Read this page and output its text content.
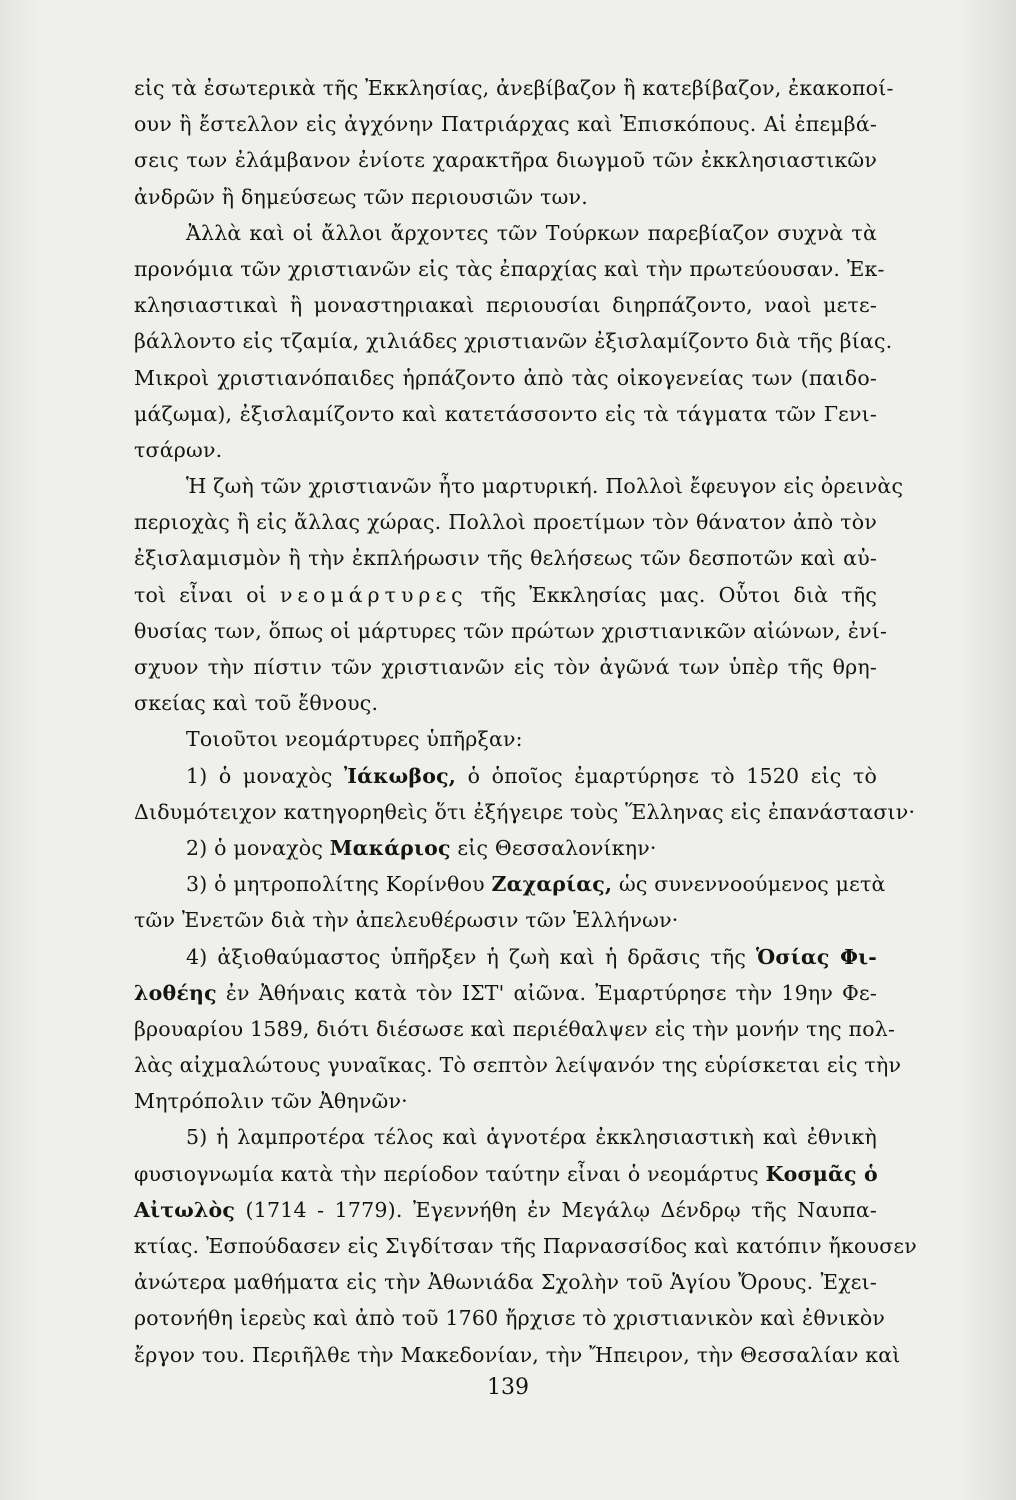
εἰς τὰ ἐσωτερικὰ τῆς Ἐκκλησίας, ἀνεβίβαζον ἢ κατεβίβαζον, ἐκακοποί-
ουν ἢ ἔστελλον εἰς ἀγχόνην Πατριάρχας καὶ Ἐπισκόπους. Αἱ ἐπεμβά-
σεις των ἐλάμβανον ἐνίοτε χαρακτῆρα διωγμοῦ τῶν ἐκκλησιαστικῶν
ἀνδρῶν ἢ δημεύσεως τῶν περιουσιῶν των.
Ἀλλὰ καὶ οἱ ἄλλοι ἄρχοντες τῶν Τούρκων παρεβίαζον συχνὰ τὰ
προνόμια τῶν χριστιανῶν εἰς τὰς ἐπαρχίας καὶ τὴν πρωτεύουσαν. Ἐκ-
κλησιαστικαὶ ἢ μοναστηριακαὶ περιουσίαι διηρπάζοντο, ναοὶ μετε-
βάλλοντο εἰς τζαμία, χιλιάδες χριστιανῶν ἐξισλαμίζοντο διὰ τῆς βίας.
Μικροὶ χριστιανόπαιδες ἡρπάζοντο ἀπὸ τὰς οἰκογενείας των (παιδο-
μάζωμα), ἐξισλαμίζοντο καὶ κατετάσσοντο εἰς τὰ τάγματα τῶν Γενι-
τσάρων.
Ἡ ζωὴ τῶν χριστιανῶν ἦτο μαρτυρική. Πολλοὶ ἔφευγον εἰς ὀρεινὰς
περιοχὰς ἢ εἰς ἄλλας χώρας. Πολλοὶ προετίμων τὸν θάνατον ἀπὸ τὸν
ἐξισλαμισμὸν ἢ τὴν ἐκπλήρωσιν τῆς θελήσεως τῶν δεσποτῶν καὶ αὐ-
τοὶ εἶναι οἱ νεομάρτυρες τῆς Ἐκκλησίας μας. Οὗτοι διὰ τῆς
θυσίας των, ὅπως οἱ μάρτυρες τῶν πρώτων χριστιανικῶν αἰώνων, ἐνί-
σχυον τὴν πίστιν τῶν χριστιανῶν εἰς τὸν ἀγῶνά των ὑπὲρ τῆς θρη-
σκείας καὶ τοῦ ἔθνους.
Τοιοῦτοι νεομάρτυρες ὑπῆρξαν:
1) ὁ μοναχὸς Ἰάκωβος, ὁ ὁποῖος ἐμαρτύρησε τὸ 1520 εἰς τὸ
Διδυμότειχον κατηγορηθεὶς ὅτι ἐξήγειρε τοὺς Ἕλληνας εἰς ἐπανάστασιν·
2) ὁ μοναχὸς Μακάριος εἰς Θεσσαλονίκην·
3) ὁ μητροπολίτης Κορίνθου Ζαχαρίας, ὡς συνεννοούμενος μετὰ
τῶν Ἐνετῶν διὰ τὴν ἀπελευθέρωσιν τῶν Ἑλλήνων·
4) ἀξιοθαύμαστος ὑπῆρξεν ἡ ζωὴ καὶ ἡ δρᾶσις τῆς Ὁσίας Φι-
λοθέης ἐν Ἀθήναις κατὰ τὸν ΙΣΤ' αἰῶνα. Ἐμαρτύρησε τὴν 19ην Φε-
βρουαρίου 1589, διότι διέσωσε καὶ περιέθαλψεν εἰς τὴν μονήν της πολ-
λὰς αἰχμαλώτους γυναῖκας. Τὸ σεπτὸν λείψανόν της εὑρίσκεται εἰς τὴν
Μητρόπολιν τῶν Ἀθηνῶν·
5) ἡ λαμπροτέρα τέλος καὶ ἁγνοτέρα ἐκκλησιαστικὴ καὶ ἐθνικὴ
φυσιογνωμία κατὰ τὴν περίοδον ταύτην εἶναι ὁ νεομάρτυς Κοσμᾶς ὁ
Αἰτωλὸς (1714 - 1779). Ἐγεννήθη ἐν Μεγάλῳ Δένδρῳ τῆς Ναυπα-
κτίας. Ἐσπούδασεν εἰς Σιγδίτσαν τῆς Παρνασσίδος καὶ κατόπιν ἤκουσεν
ἀνώτερα μαθήματα εἰς τὴν Ἀθωνιάδα Σχολὴν τοῦ Ἁγίου Ὄρους. Ἐχει-
ροτονήθη ἱερεὺς καὶ ἀπὸ τοῦ 1760 ἤρχισε τὸ χριστιανικὸν καὶ ἐθνικὸν
ἔργον του. Περιῆλθε τὴν Μακεδονίαν, τὴν Ἤπειρον, τὴν Θεσσαλίαν καὶ
139
